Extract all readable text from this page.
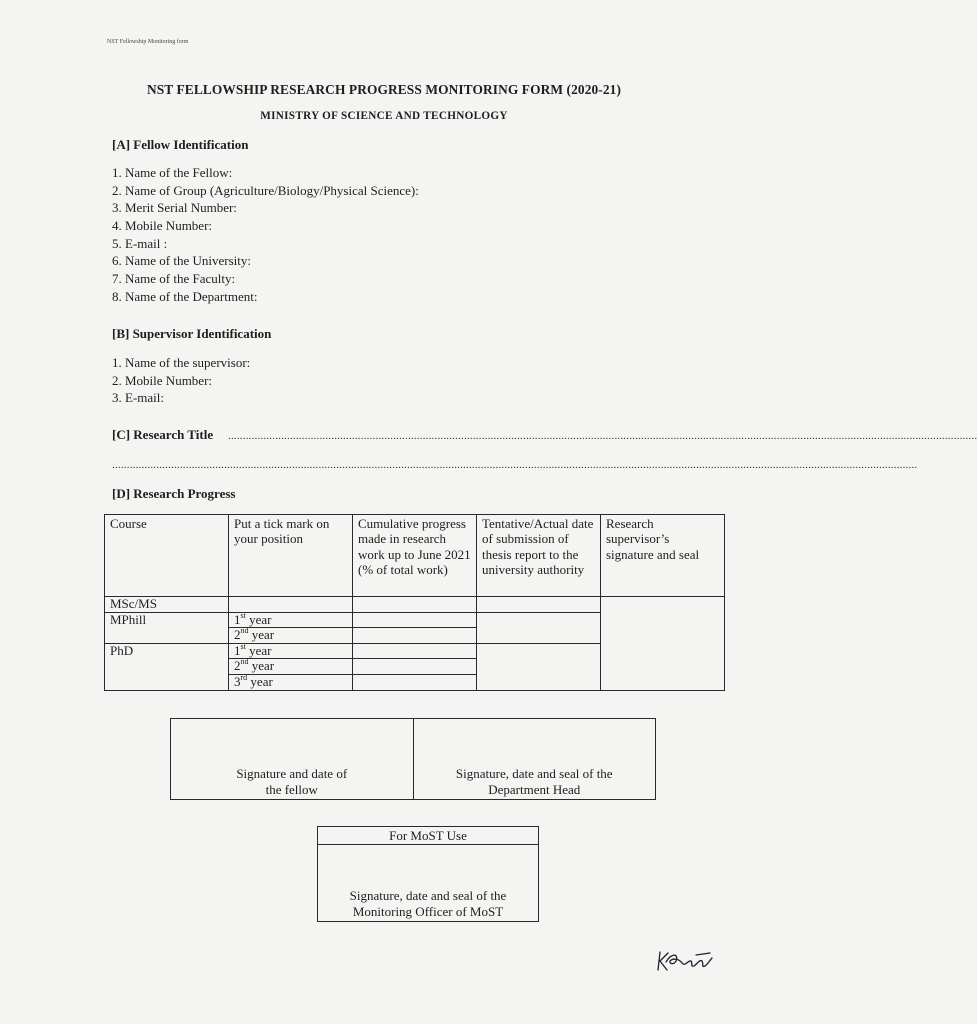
NST Fellowship Monitoring form
NST FELLOWSHIP RESEARCH PROGRESS MONITORING FORM (2020-21)
MINISTRY OF SCIENCE AND TECHNOLOGY
[A] Fellow Identification
1. Name of the Fellow:
2. Name of Group (Agriculture/Biology/Physical Science):
3. Merit Serial Number:
4. Mobile Number:
5. E-mail :
6. Name of the University:
7. Name of the Faculty:
8. Name of the Department:
[B] Supervisor Identification
1. Name of the supervisor:
2. Mobile Number:
3. E-mail:
[C] Research Title ..............................................................................................................................................................................................................................................................
.................................................................................................................................................................................................................................................................................
[D] Research Progress
Course	Put a tick mark on your position	Cumulative progress made in research work up to June 2021 (% of total work)	Tentative/Actual date of submission of thesis report to the university authority	Research supervisor’s signature and seal
MSc/MS				
MPhill	1st year			
	2nd year			
PhD	1st year			
	2nd year			
	3rd year			
Signature and date of the fellow
Signature, date and seal of the Department Head
For MoST Use
Signature, date and seal of the Monitoring Officer of MoST
